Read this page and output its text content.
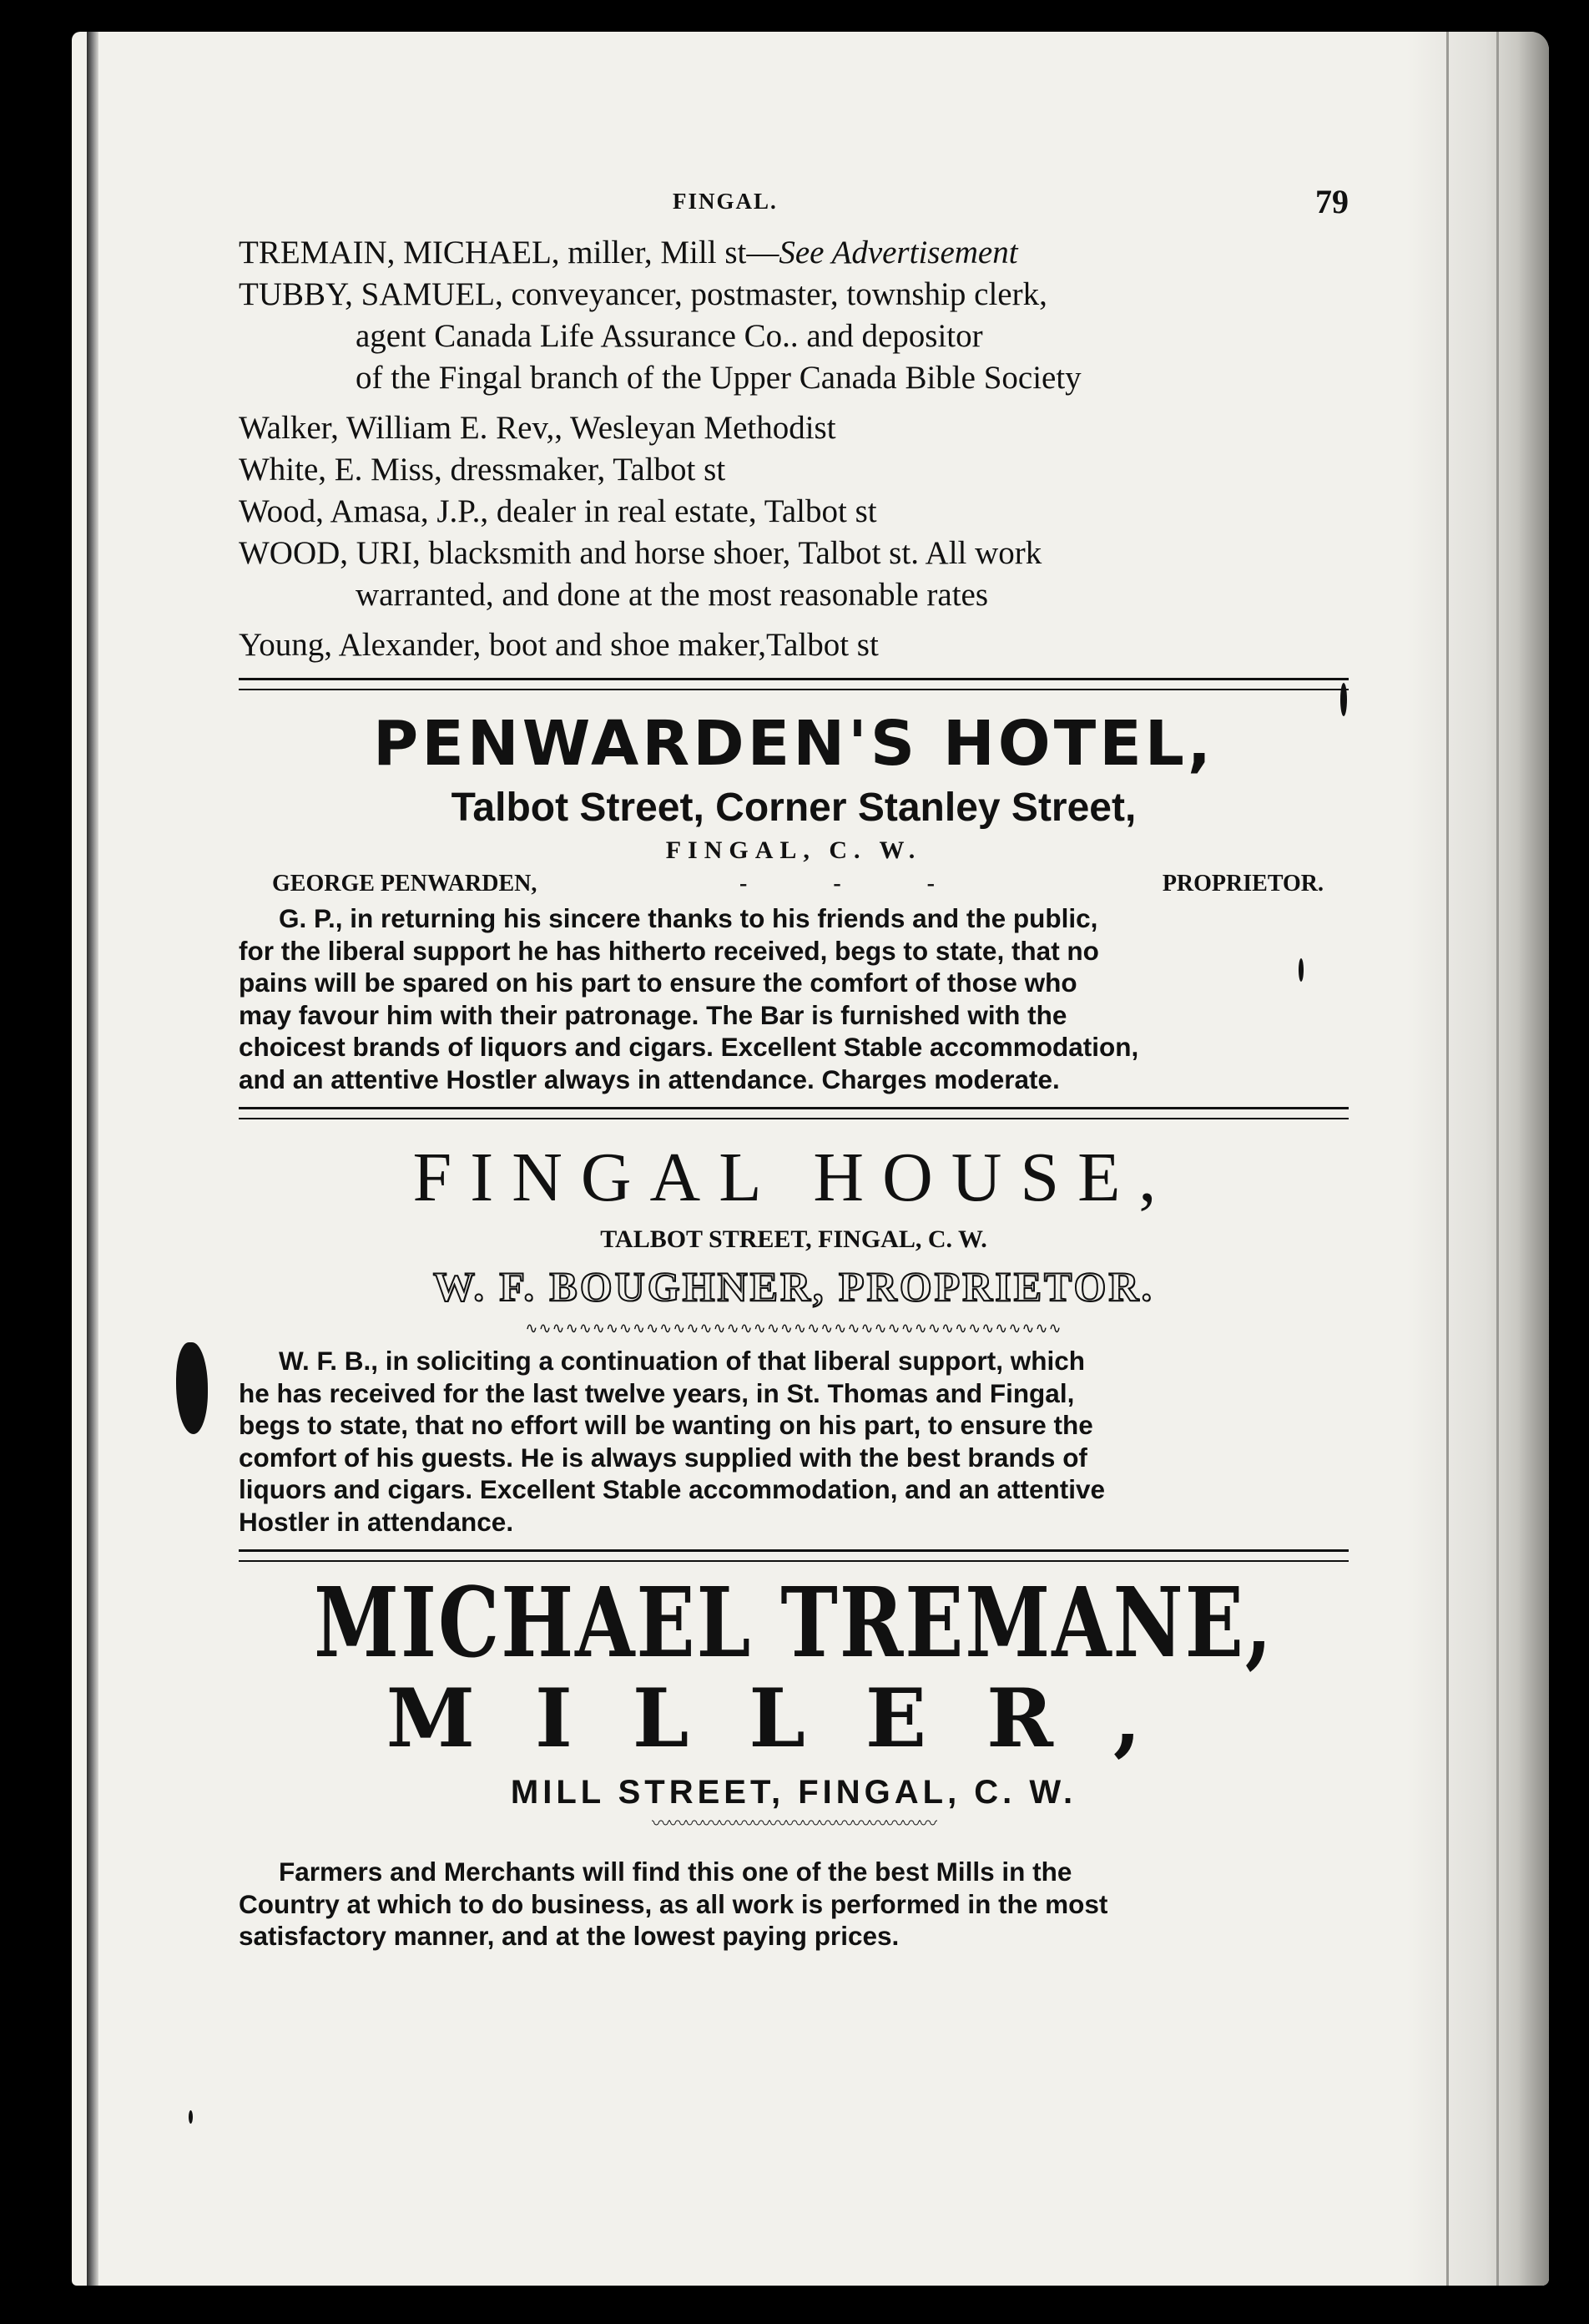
FINGAL.	79
TREMAIN, MICHAEL, miller, Mill st—See Advertisement
TUBBY, SAMUEL, conveyancer, postmaster, township clerk,
agent Canada Life Assurance Co.. and depositor
of the Fingal branch of the Upper Canada Bible Society
Walker, William E. Rev,, Wesleyan Methodist
White, E. Miss, dressmaker, Talbot st
Wood, Amasa, J.P., dealer in real estate, Talbot st
WOOD, URI, blacksmith and horse shoer, Talbot st. All work
warranted, and done at the most reasonable rates
Young, Alexander, boot and shoe maker,Talbot st
PENWARDEN'S HOTEL,
Talbot Street, Corner Stanley Street,
FINGAL, C. W.
GEORGE PENWARDEN,	- - -	PROPRIETOR.
G. P., in returning his sincere thanks to his friends and the public,
for the liberal support he has hitherto received, begs to state, that no
pains will be spared on his part to ensure the comfort of those who
may favour him with their patronage. The Bar is furnished with the
choicest brands of liquors and cigars. Excellent Stable accommodation,
and an attentive Hostler always in attendance. Charges moderate.
FINGAL HOUSE,
TALBOT STREET, FINGAL, C. W.
W. F. BOUGHNER, PROPRIETOR.
∿∿∿∿∿∿∿∿∿∿∿∿∿∿∿∿∿∿∿∿∿∿∿∿∿∿∿∿∿∿∿∿∿∿∿∿∿∿∿∿
W. F. B., in soliciting a continuation of that liberal support, which
he has received for the last twelve years, in St. Thomas and Fingal,
begs to state, that no effort will be wanting on his part, to ensure the
comfort of his guests. He is always supplied with the best brands of
liquors and cigars. Excellent Stable accommodation, and an attentive
Hostler in attendance.
MICHAEL TREMANE,
MILLER,
MILL STREET, FINGAL, C. W.
〰〰〰〰〰〰〰〰〰〰〰〰〰〰〰〰〰
Farmers and Merchants will find this one of the best Mills in the
Country at which to do business, as all work is performed in the most
satisfactory manner, and at the lowest paying prices.
